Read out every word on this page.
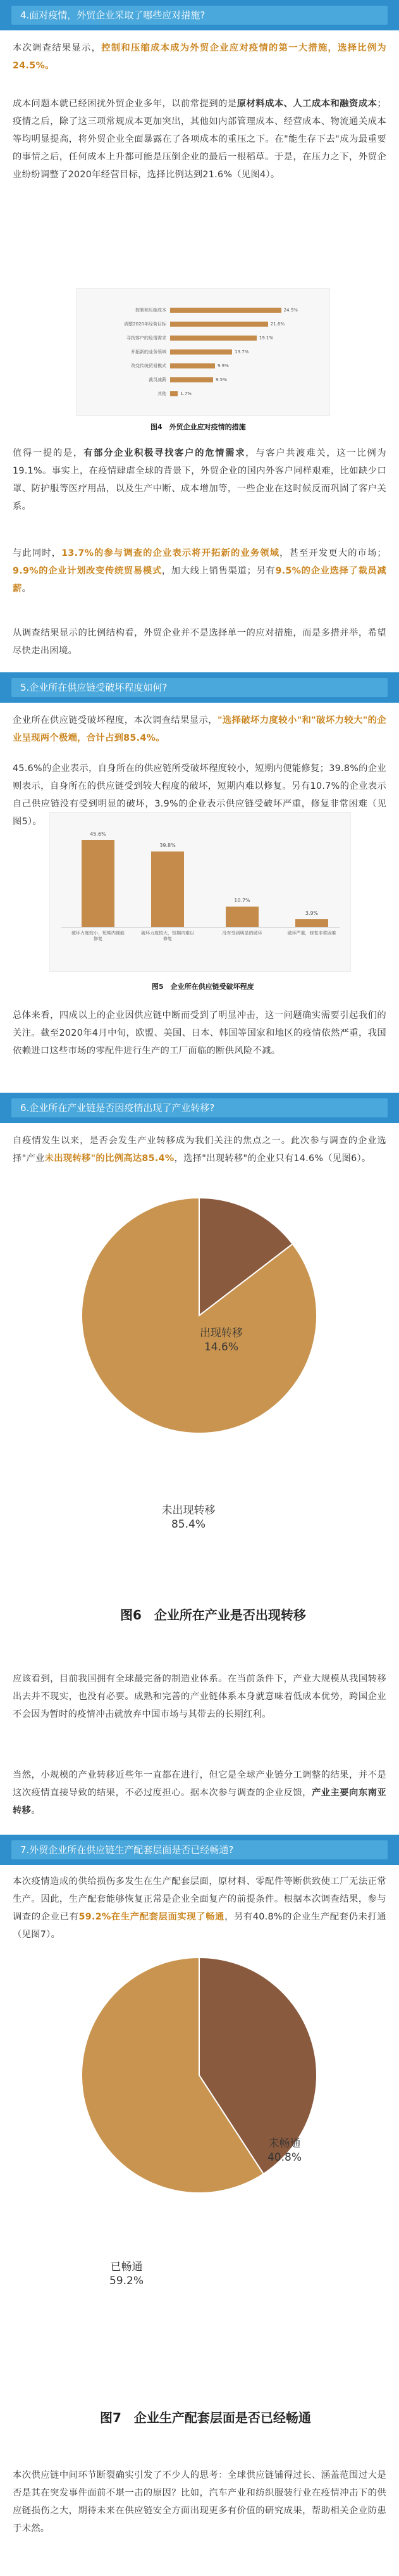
4.面对疫情，外贸企业采取了哪些应对措施?
本次调查结果显示，控制和压缩成本成为外贸企业应对疫情的第一大措施，选择比例为24.5%。
成本问题本就已经困扰外贸企业多年，以前常提到的是原材料成本、人工成本和融资成本；疫情之后，除了这三项常规成本更加突出，其他如内部管理成本、经营成本、物流通关成本等均明显提高，将外贸企业全面暴露在了各项成本的重压之下。在"能生存下去"成为最重要的事情之后，任何成本上升都可能是压倒企业的最后一根稻草。于是，在压力之下，外贸企业纷纷调整了2020年经营目标，选择比例达到21.6%（见图4）。
控制和压缩成本	24.5%
调整2020年经营目标	21.6%
寻找客户的危情需求	19.1%
开拓新的业务领域	13.7%
改变传统贸易模式	9.9%
裁员减薪	9.5%
其他	1.7%
图4　外贸企业应对疫情的措施
值得一提的是，有部分企业积极寻找客户的危情需求，与客户共渡难关，这一比例为19.1%。事实上，在疫情肆虐全球的背景下，外贸企业的国内外客户同样艰难，比如缺少口罩、防护服等医疗用品，以及生产中断、成本增加等，一些企业在这时候反而巩固了客户关系。
与此同时，13.7%的参与调查的企业表示将开拓新的业务领域，甚至开发更大的市场；9.9%的企业计划改变传统贸易模式，加大线上销售渠道；另有9.5%的企业选择了裁员减薪。
从调查结果显示的比例结构看，外贸企业并不是选择单一的应对措施，而是多措并举，希望尽快走出困境。
5.企业所在供应链受破坏程度如何?
企业所在供应链受破坏程度，本次调查结果显示，"选择破坏力度较小"和"破坏力较大"的企业呈现两个极端，合计占到85.4%。
45.6%的企业表示，自身所在的供应链所受破坏程度较小，短期内便能修复；39.8%的企业则表示，自身所在的供应链受到较大程度的破坏，短期内难以修复。另有10.7%的企业表示自己供应链没有受到明显的破坏，3.9%的企业表示供应链受破坏严重，修复非常困难（见图5）。
45.6%
破坏力度较小，短期内便能修复
39.8%
破坏力度较大，短期内难以修复
10.7%
没有受到明显的破坏
3.9%
破坏严重，修复非常困难
图5　企业所在供应链受破坏程度
总体来看，四成以上的企业因供应链中断而受到了明显冲击，这一问题确实需要引起我们的关注。截至2020年4月中旬，欧盟、美国、日本、韩国等国家和地区的疫情依然严重，我国依赖进口这些市场的零配件进行生产的工厂面临的断供风险不减。
6.企业所在产业链是否因疫情出现了产业转移?
自疫情发生以来，是否会发生产业转移成为我们关注的焦点之一。此次参与调查的企业选择"产业未出现转移"的比例高达85.4%，选择"出现转移"的企业只有14.6%（见图6）。
出现转移
14.6%
未出现转移
85.4%
图6　企业所在产业是否出现转移
应该看到，目前我国拥有全球最完备的制造业体系。在当前条件下，产业大规模从我国转移出去并不现实，也没有必要。成熟和完善的产业链体系本身就意味着低成本优势，跨国企业不会因为暂时的疫情冲击就放弃中国市场与其带去的长期红利。
当然，小规模的产业转移近些年一直都在进行，但它是全球产业链分工调整的结果，并不是这次疫情直接导致的结果，不必过度担心。据本次参与调查的企业反馈，产业主要向东南亚转移。
7.外贸企业所在供应链生产配套层面是否已经畅通?
本次疫情造成的供给损伤多发生在生产配套层面，原材料、零配件等断供致使工厂无法正常生产。因此，生产配套能够恢复正常是企业全面复产的前提条件。根据本次调查结果，参与调查的企业已有59.2%在生产配套层面实现了畅通，另有40.8%的企业生产配套仍未打通（见图7）。
未畅通
40.8%
已畅通
59.2%
图7　企业生产配套层面是否已经畅通
本次供应链中间环节断裂确实引发了不少人的思考：全球供应链铺得过长、涵盖范围过大是否是其在突发事件面前不堪一击的原因？比如，汽车产业和纺织服装行业在疫情冲击下的供应链损伤之大，期待未来在供应链安全方面出现更多有价值的研究成果，帮助相关企业防患于未然。
